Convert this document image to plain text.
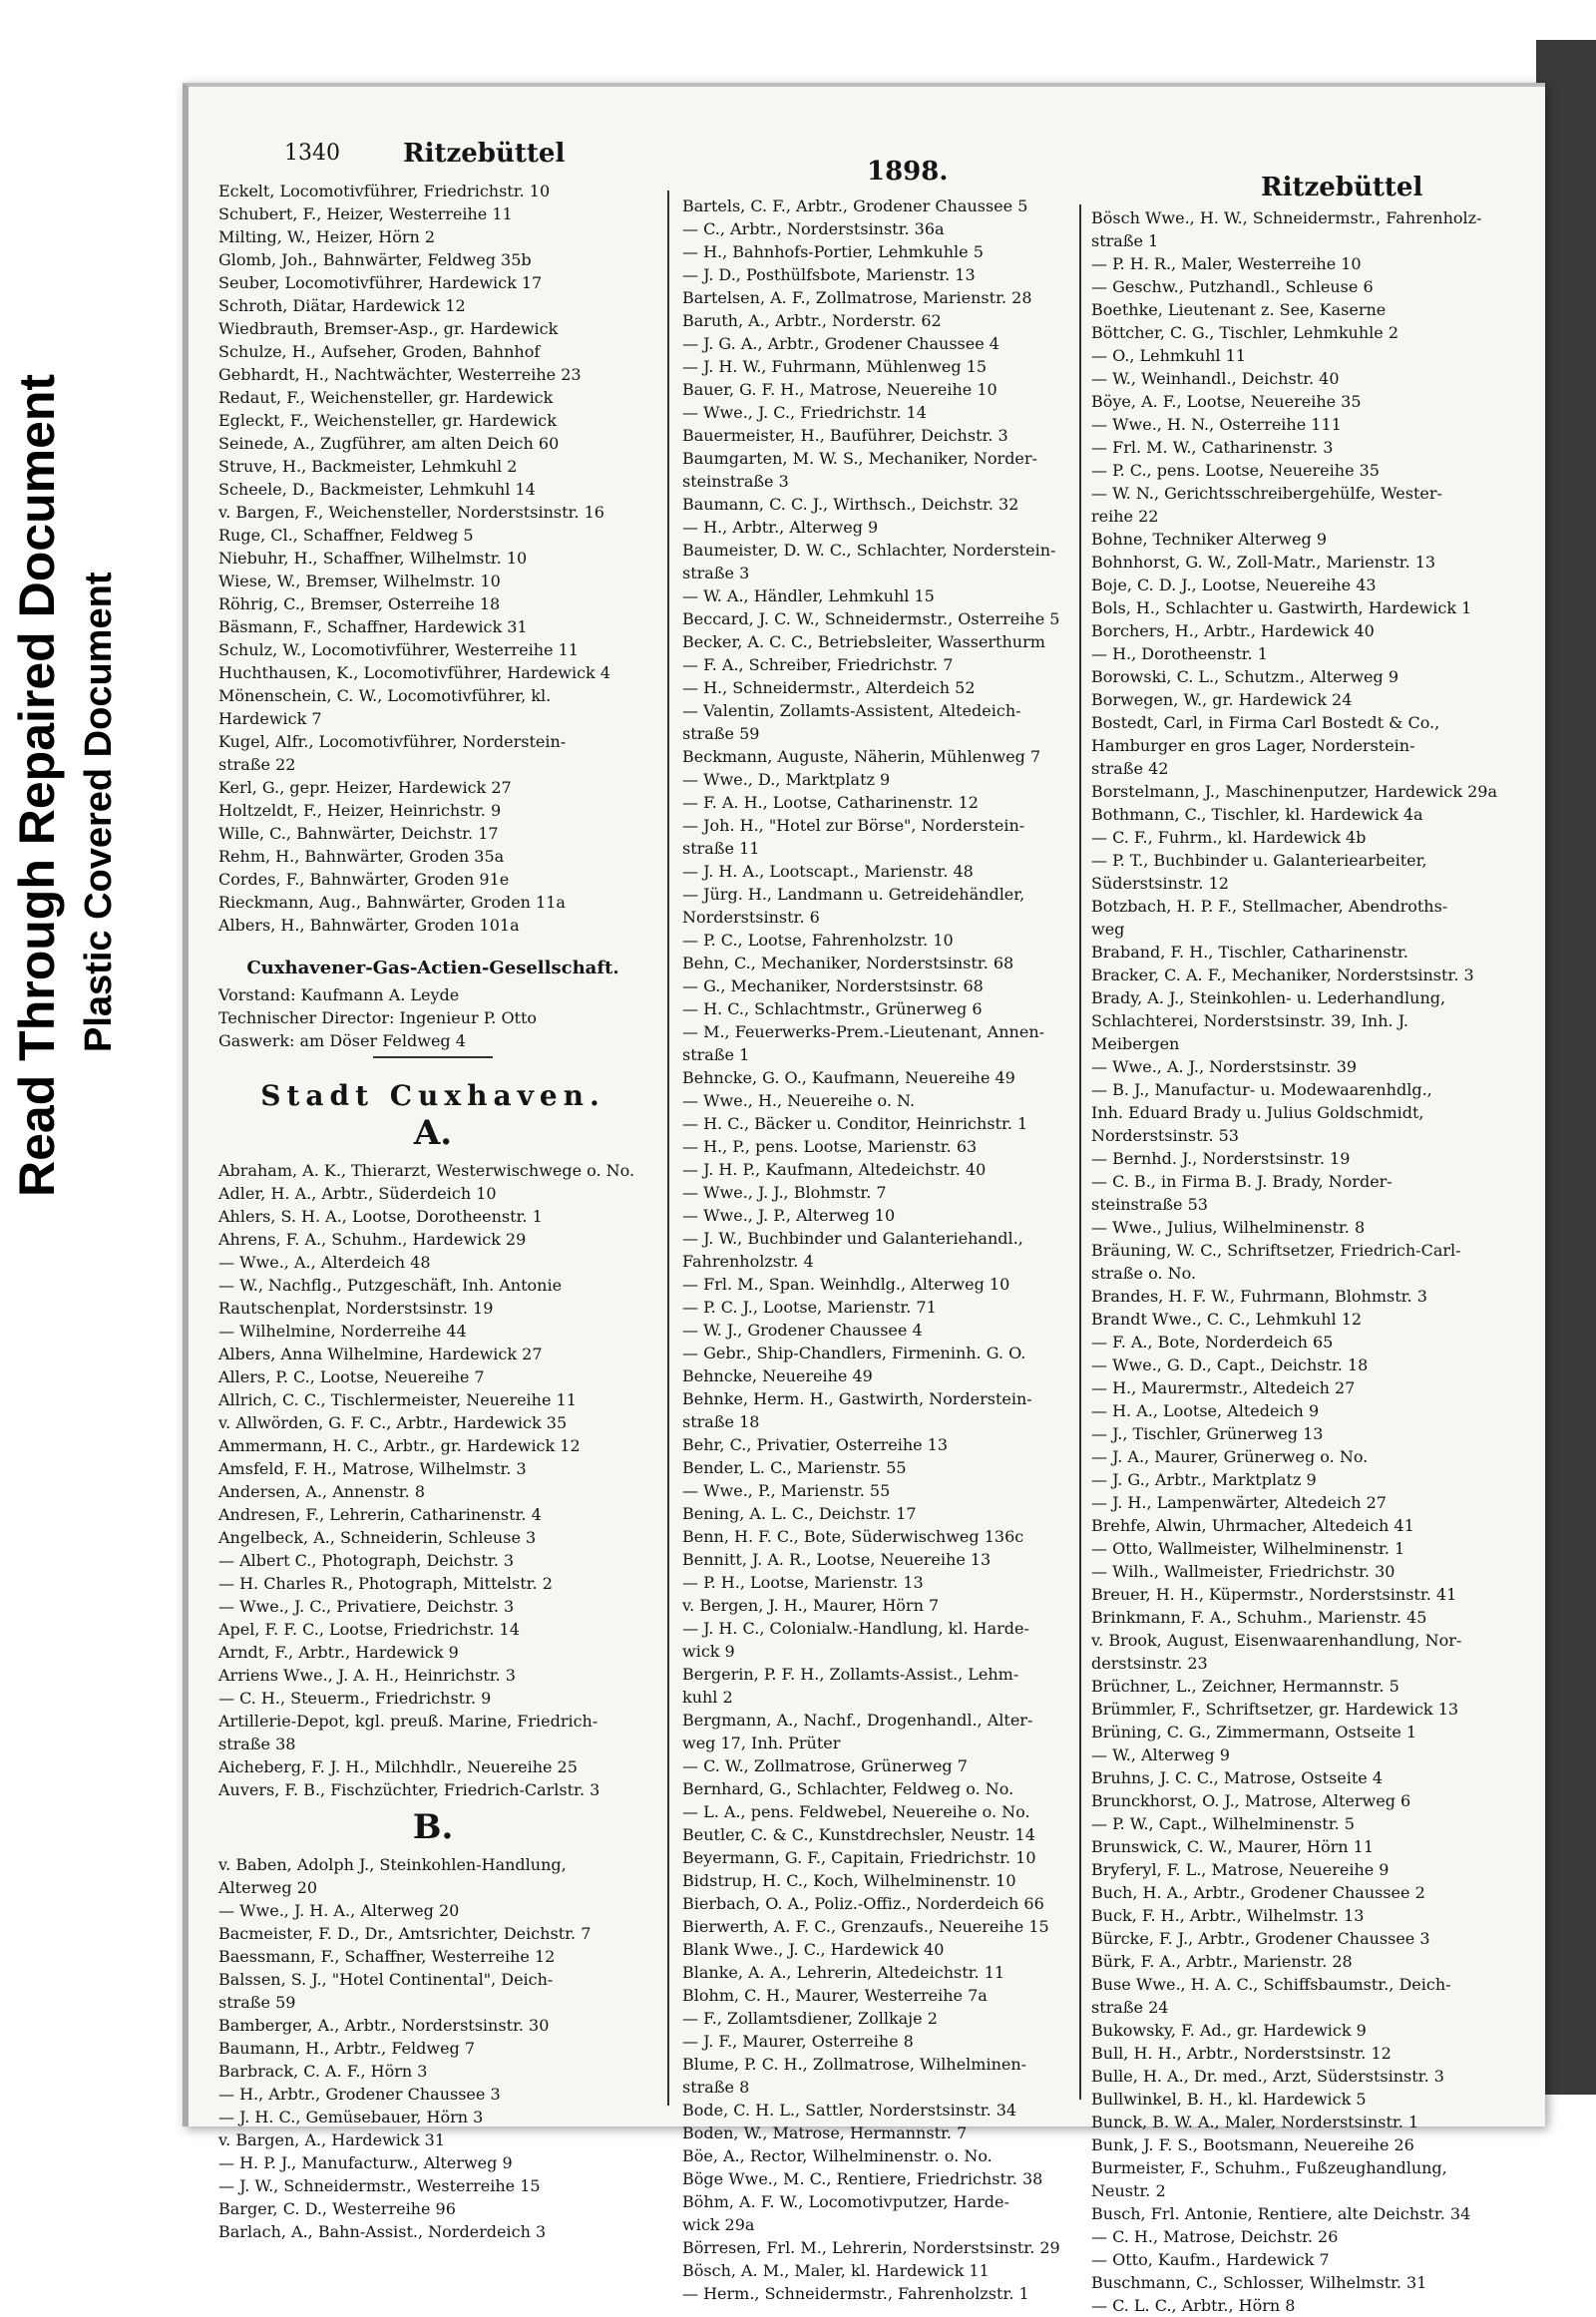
Read Through Repaired Document Plastic Covered Document
1340 Ritzebüttel
1898.
Ritzebüttel
Eckelt, Locomotivführer, Friedrichstr. 10
Schubert, F., Heizer, Westerreihe 11
Milting, W., Heizer, Hörn 2
Glomb, Joh., Bahnwärter, Feldweg 35b
Seuber, Locomotivführer, Hardewick 17
Schroth, Diätar, Hardewick 12
Wiedbrauth, Bremser-Asp., gr. Hardewick
Schulze, H., Aufseher, Groden, Bahnhof
Gebhardt, H., Nachtwächter, Westerreihe 23
Redaut, F., Weichensteller, gr. Hardewick
Egleckt, F., Weichensteller, gr. Hardewick
Seinede, A., Zugführer, am alten Deich 60
Struve, H., Backmeister, Lehmkuhl 2
Scheele, D., Backmeister, Lehmkuhl 14
v. Bargen, F., Weichensteller, Norderstsinstr. 16
Ruge, Cl., Schaffner, Feldweg 5
Niebuhr, H., Schaffner, Wilhelmstr. 10
Wiese, W., Bremser, Wilhelmstr. 10
Röhrig, C., Bremser, Osterreihe 18
Bäsmann, F., Schaffner, Hardewick 31
Schulz, W., Locomotivführer, Westerreihe 11
Huchthausen, K., Locomotivführer, Hardewick 4
Mönenschein, C. W., Locomotivführer, kl.
Hardewick 7
Kugel, Alfr., Locomotivführer, Norderstein-
straße 22
Kerl, G., gepr. Heizer, Hardewick 27
Holtzeldt, F., Heizer, Heinrichstr. 9
Wille, C., Bahnwärter, Deichstr. 17
Rehm, H., Bahnwärter, Groden 35a
Cordes, F., Bahnwärter, Groden 91e
Rieckmann, Aug., Bahnwärter, Groden 11a
Albers, H., Bahnwärter, Groden 101a
Cuxhavener-Gas-Actien-Gesellschaft.
Vorstand: Kaufmann A. Leyde
Technischer Director: Ingenieur P. Otto
Gaswerk: am Döser Feldweg 4
Stadt Cuxhaven.
A.
Abraham, A. K., Thierarzt, Westerwischwege o. No.
Adler, H. A., Arbtr., Süderdeich 10
Ahlers, S. H. A., Lootse, Dorotheenstr. 1
Ahrens, F. A., Schuhm., Hardewick 29
— Wwe., A., Alterdeich 48
— W., Nachflg., Putzgeschäft, Inh. Antonie
Rautschenplat, Norderstsinstr. 19
— Wilhelmine, Norderreihe 44
Albers, Anna Wilhelmine, Hardewick 27
Allers, P. C., Lootse, Neuereihe 7
Allrich, C. C., Tischlermeister, Neuereihe 11
v. Allwörden, G. F. C., Arbtr., Hardewick 35
Ammermann, H. C., Arbtr., gr. Hardewick 12
Amsfeld, F. H., Matrose, Wilhelmstr. 3
Andersen, A., Annenstr. 8
Andresen, F., Lehrerin, Catharinenstr. 4
Angelbeck, A., Schneiderin, Schleuse 3
— Albert C., Photograph, Deichstr. 3
— H. Charles R., Photograph, Mittelstr. 2
— Wwe., J. C., Privatiere, Deichstr. 3
Apel, F. F. C., Lootse, Friedrichstr. 14
Arndt, F., Arbtr., Hardewick 9
Arriens Wwe., J. A. H., Heinrichstr. 3
— C. H., Steuerm., Friedrichstr. 9
Artillerie-Depot, kgl. preuß. Marine, Friedrich-
straße 38
Aicheberg, F. J. H., Milchhdlr., Neuereihe 25
Auvers, F. B., Fischzüchter, Friedrich-Carlstr. 3
B.
v. Baben, Adolph J., Steinkohlen-Handlung,
Alterweg 20
— Wwe., J. H. A., Alterweg 20
Bacmeister, F. D., Dr., Amtsrichter, Deichstr. 7
Baessmann, F., Schaffner, Westerreihe 12
Balssen, S. J., "Hotel Continental", Deich-
straße 59
Bamberger, A., Arbtr., Norderstsinstr. 30
Baumann, H., Arbtr., Feldweg 7
Barbrack, C. A. F., Hörn 3
— H., Arbtr., Grodener Chaussee 3
— J. H. C., Gemüsebauer, Hörn 3
v. Bargen, A., Hardewick 31
— H. P. J., Manufacturw., Alterweg 9
— J. W., Schneidermstr., Westerreihe 15
Barger, C. D., Westerreihe 96
Barlach, A., Bahn-Assist., Norderdeich 3
Bartels, C. F., Arbtr., Grodener Chaussee 5
— C., Arbtr., Norderstsinstr. 36a
— H., Bahnhofs-Portier, Lehmkuhle 5
— J. D., Posthülfsbote, Marienstr. 13
Bartelsen, A. F., Zollmatrose, Marienstr. 28
Baruth, A., Arbtr., Norderstr. 62
— J. G. A., Arbtr., Grodener Chaussee 4
— J. H. W., Fuhrmann, Mühlenweg 15
Bauer, G. F. H., Matrose, Neuereihe 10
— Wwe., J. C., Friedrichstr. 14
Bauermeister, H., Bauführer, Deichstr. 3
Baumgarten, M. W. S., Mechaniker, Norder-
steinstraße 3
Baumann, C. C. J., Wirthsch., Deichstr. 32
— H., Arbtr., Alterweg 9
Baumeister, D. W. C., Schlachter, Norderstein-
straße 3
— W. A., Händler, Lehmkuhl 15
Beccard, J. C. W., Schneidermstr., Osterreihe 5
Becker, A. C. C., Betriebsleiter, Wasserthurm
— F. A., Schreiber, Friedrichstr. 7
— H., Schneidermstr., Alterdeich 52
— Valentin, Zollamts-Assistent, Altedeich-
straße 59
Beckmann, Auguste, Näherin, Mühlenweg 7
— Wwe., D., Marktplatz 9
— F. A. H., Lootse, Catharinenstr. 12
— Joh. H., "Hotel zur Börse", Norderstein-
straße 11
— J. H. A., Lootscapt., Marienstr. 48
— Jürg. H., Landmann u. Getreidehändler,
Norderstsinstr. 6
— P. C., Lootse, Fahrenholzstr. 10
Behn, C., Mechaniker, Norderstsinstr. 68
— G., Mechaniker, Norderstsinstr. 68
— H. C., Schlachtmstr., Grünerweg 6
— M., Feuerwerks-Prem.-Lieutenant, Annen-
straße 1
Behncke, G. O., Kaufmann, Neuereihe 49
— Wwe., H., Neuereihe o. N.
— H. C., Bäcker u. Conditor, Heinrichstr. 1
— H., P., pens. Lootse, Marienstr. 63
— J. H. P., Kaufmann, Altedeichstr. 40
— Wwe., J. J., Blohmstr. 7
— Wwe., J. P., Alterweg 10
— J. W., Buchbinder und Galanteriehandl.,
Fahrenholzstr. 4
— Frl. M., Span. Weinhdlg., Alterweg 10
— P. C. J., Lootse, Marienstr. 71
— W. J., Grodener Chaussee 4
— Gebr., Ship-Chandlers, Firmeninh. G. O.
Behncke, Neuereihe 49
Behnke, Herm. H., Gastwirth, Norderstein-
straße 18
Behr, C., Privatier, Osterreihe 13
Bender, L. C., Marienstr. 55
— Wwe., P., Marienstr. 55
Bening, A. L. C., Deichstr. 17
Benn, H. F. C., Bote, Süderwischweg 136c
Bennitt, J. A. R., Lootse, Neuereihe 13
— P. H., Lootse, Marienstr. 13
v. Bergen, J. H., Maurer, Hörn 7
— J. H. C., Colonialw.-Handlung, kl. Harde-
wick 9
Bergerin, P. F. H., Zollamts-Assist., Lehm-
kuhl 2
Bergmann, A., Nachf., Drogenhandl., Alter-
weg 17, Inh. Prüter
— C. W., Zollmatrose, Grünerweg 7
Bernhard, G., Schlachter, Feldweg o. No.
— L. A., pens. Feldwebel, Neuereihe o. No.
Beutler, C. & C., Kunstdrechsler, Neustr. 14
Beyermann, G. F., Capitain, Friedrichstr. 10
Bidstrup, H. C., Koch, Wilhelminenstr. 10
Bierbach, O. A., Poliz.-Offiz., Norderdeich 66
Bierwerth, A. F. C., Grenzaufs., Neuereihe 15
Blank Wwe., J. C., Hardewick 40
Blanke, A. A., Lehrerin, Altedeichstr. 11
Blohm, C. H., Maurer, Westerreihe 7a
— F., Zollamtsdiener, Zollkaje 2
— J. F., Maurer, Osterreihe 8
Blume, P. C. H., Zollmatrose, Wilhelminen-
straße 8
Bode, C. H. L., Sattler, Norderstsinstr. 34
Boden, W., Matrose, Hermannstr. 7
Böe, A., Rector, Wilhelminenstr. o. No.
Böge Wwe., M. C., Rentiere, Friedrichstr. 38
Böhm, A. F. W., Locomotivputzer, Harde-
wick 29a
Börresen, Frl. M., Lehrerin, Norderstsinstr. 29
Bösch, A. M., Maler, kl. Hardewick 11
— Herm., Schneidermstr., Fahrenholzstr. 1
Bösch Wwe., H. W., Schneidermstr., Fahrenholz-
straße 1
— P. H. R., Maler, Westerreihe 10
— Geschw., Putzhandl., Schleuse 6
Boethke, Lieutenant z. See, Kaserne
Böttcher, C. G., Tischler, Lehmkuhle 2
— O., Lehmkuhl 11
— W., Weinhandl., Deichstr. 40
Böye, A. F., Lootse, Neuereihe 35
— Wwe., H. N., Osterreihe 111
— Frl. M. W., Catharinenstr. 3
— P. C., pens. Lootse, Neuereihe 35
— W. N., Gerichtsschreibergehülfe, Wester-
reihe 22
Bohne, Techniker Alterweg 9
Bohnhorst, G. W., Zoll-Matr., Marienstr. 13
Boje, C. D. J., Lootse, Neuereihe 43
Bols, H., Schlachter u. Gastwirth, Hardewick 1
Borchers, H., Arbtr., Hardewick 40
— H., Dorotheenstr. 1
Borowski, C. L., Schutzm., Alterweg 9
Borwegen, W., gr. Hardewick 24
Bostedt, Carl, in Firma Carl Bostedt & Co.,
Hamburger en gros Lager, Norderstein-
straße 42
Borstelmann, J., Maschinenputzer, Hardewick 29a
Bothmann, C., Tischler, kl. Hardewick 4a
— C. F., Fuhrm., kl. Hardewick 4b
— P. T., Buchbinder u. Galanteriearbeiter,
Süderstsinstr. 12
Botzbach, H. P. F., Stellmacher, Abendroths-
weg
Braband, F. H., Tischler, Catharinenstr.
Bracker, C. A. F., Mechaniker, Norderstsinstr. 3
Brady, A. J., Steinkohlen- u. Lederhandlung,
Schlachterei, Norderstsinstr. 39, Inh. J.
Meibergen
— Wwe., A. J., Norderstsinstr. 39
— B. J., Manufactur- u. Modewaarenhdlg.,
Inh. Eduard Brady u. Julius Goldschmidt,
Norderstsinstr. 53
— Bernhd. J., Norderstsinstr. 19
— C. B., in Firma B. J. Brady, Norder-
steinstraße 53
— Wwe., Julius, Wilhelminenstr. 8
Bräuning, W. C., Schriftsetzer, Friedrich-Carl-
straße o. No.
Brandes, H. F. W., Fuhrmann, Blohmstr. 3
Brandt Wwe., C. C., Lehmkuhl 12
— F. A., Bote, Norderdeich 65
— Wwe., G. D., Capt., Deichstr. 18
— H., Maurermstr., Altedeich 27
— H. A., Lootse, Altedeich 9
— J., Tischler, Grünerweg 13
— J. A., Maurer, Grünerweg o. No.
— J. G., Arbtr., Marktplatz 9
— J. H., Lampenwärter, Altedeich 27
Brehfe, Alwin, Uhrmacher, Altedeich 41
— Otto, Wallmeister, Wilhelminenstr. 1
— Wilh., Wallmeister, Friedrichstr. 30
Breuer, H. H., Küpermstr., Norderstsinstr. 41
Brinkmann, F. A., Schuhm., Marienstr. 45
v. Brook, August, Eisenwaarenhandlung, Nor-
derstsinstr. 23
Brüchner, L., Zeichner, Hermannstr. 5
Brümmler, F., Schriftsetzer, gr. Hardewick 13
Brüning, C. G., Zimmermann, Ostseite 1
— W., Alterweg 9
Bruhns, J. C. C., Matrose, Ostseite 4
Brunckhorst, O. J., Matrose, Alterweg 6
— P. W., Capt., Wilhelminenstr. 5
Brunswick, C. W., Maurer, Hörn 11
Bryferyl, F. L., Matrose, Neuereihe 9
Buch, H. A., Arbtr., Grodener Chaussee 2
Buck, F. H., Arbtr., Wilhelmstr. 13
Bürcke, F. J., Arbtr., Grodener Chaussee 3
Bürk, F. A., Arbtr., Marienstr. 28
Buse Wwe., H. A. C., Schiffsbaumstr., Deich-
straße 24
Bukowsky, F. Ad., gr. Hardewick 9
Bull, H. H., Arbtr., Norderstsinstr. 12
Bulle, H. A., Dr. med., Arzt, Süderstsinstr. 3
Bullwinkel, B. H., kl. Hardewick 5
Bunck, B. W. A., Maler, Norderstsinstr. 1
Bunk, J. F. S., Bootsmann, Neuereihe 26
Burmeister, F., Schuhm., Fußzeughandlung,
Neustr. 2
Busch, Frl. Antonie, Rentiere, alte Deichstr. 34
— C. H., Matrose, Deichstr. 26
— Otto, Kaufm., Hardewick 7
Buschmann, C., Schlosser, Wilhelmstr. 31
— C. L. C., Arbtr., Hörn 8
